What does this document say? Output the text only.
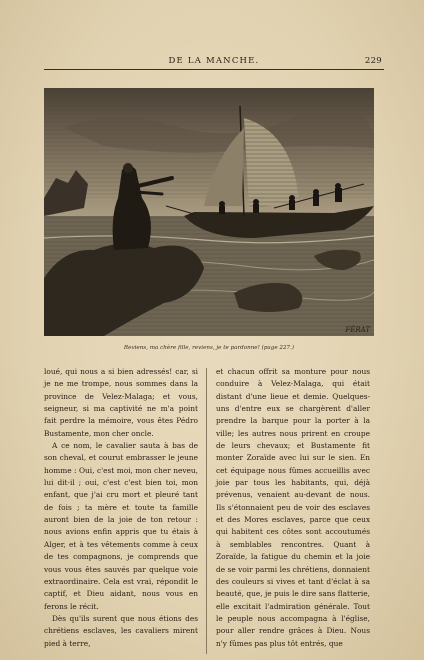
DE LA MANCHE.	229
FÉRAT
Reviens, ma chère fille, reviens, je te pardonne! (page 227.)

loué, qui nous a si bien adressés! car, si je ne me trompe, nous sommes dans la province de Velez-Malaga; et vous, seigneur, si ma captivité ne m'a point fait perdre la mémoire, vous êtes Pédro Bustamente, mon cher oncle.

A ce nom, le cavalier sauta à bas de son cheval, et courut embrasser le jeune homme : Oui, c'est moi, mon cher neveu, lui dit-il ; oui, c'est c'est bien toi, mon enfant, que j'ai cru mort et pleuré tant de fois ; ta mère et toute ta famille auront bien de la joie de ton retour : nous avions enfin appris que tu étais à Alger, et à tes vêtements comme à ceux de tes compagnons, je comprends que vous vous êtes sauvés par quelque voie extraordinaire. Cela est vrai, répondit le captif, et Dieu aidant, nous vous en ferons le récit.

Dès qu'ils surent que nous étions des chrétiens esclaves, les cavaliers mirent pied à terre,

et chacun offrit sa monture pour nous conduire à Velez-Malaga, qui était distant d'une lieue et demie. Quelques-uns d'entre eux se chargèrent d'aller prendre la barque pour la porter à la ville; les autres nous prirent en croupe de leurs chevaux; et Bustamente fit monter Zoraïde avec lui sur le sien. En cet équipage nous fûmes accueillis avec joie par tous les habitants, qui, déjà prévenus, venaient au-devant de nous. Ils s'étonnaient peu de voir des esclaves et des Mores esclaves, parce que ceux qui habitent ces côtes sont accoutumés à semblables rencontres. Quant à Zoraïde, la fatigue du chemin et la joie de se voir parmi les chrétiens, donnaient des couleurs si vives et tant d'éclat à sa beauté, que, je puis le dire sans flatterie, elle excitait l'admiration générale. Tout le peuple nous accompagna à l'église, pour aller rendre grâces à Dieu. Nous n'y fûmes pas plus tôt entrés, que
